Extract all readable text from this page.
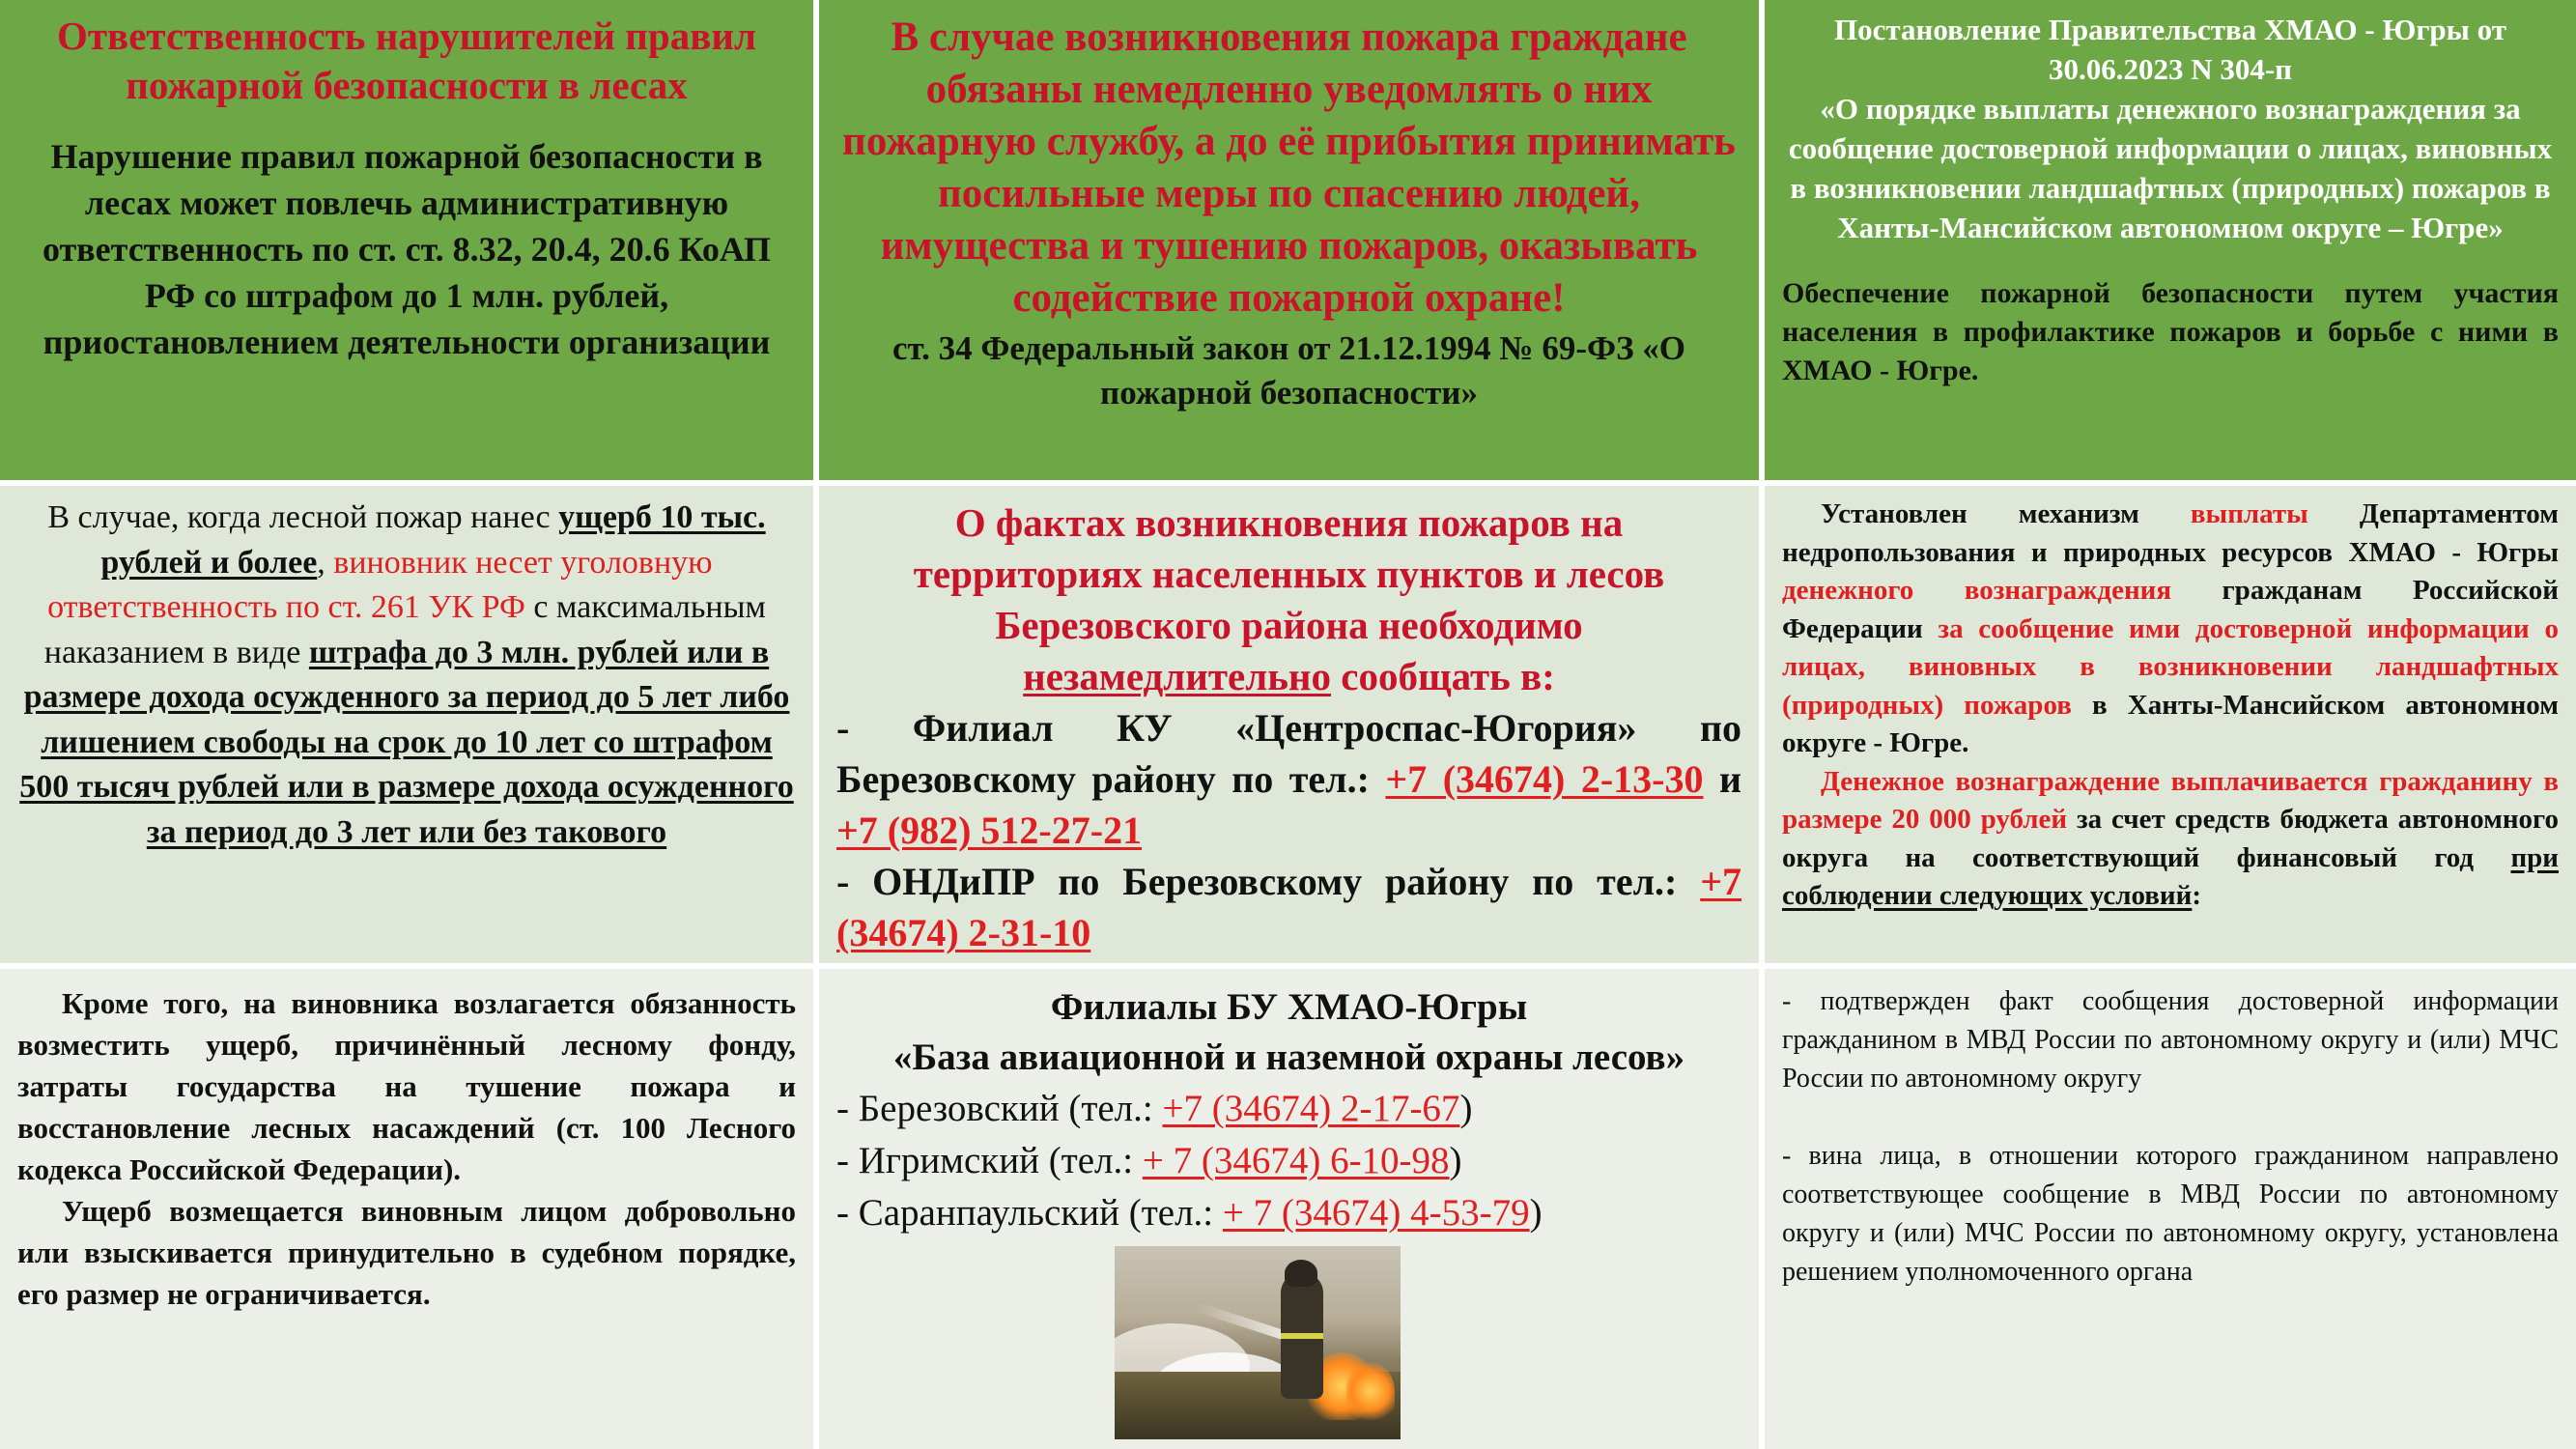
Ответственность нарушителей правил пожарной безопасности в лесах

Нарушение правил пожарной безопасности в лесах может повлечь административную ответственность по ст. ст. 8.32, 20.4, 20.6 КоАП РФ со штрафом до 1 млн. рублей, приостановлением деятельности организации

В случае возникновения пожара граждане обязаны немедленно уведомлять о них пожарную службу, а до её прибытия принимать посильные меры по спасению людей, имущества и тушению пожаров, оказывать содействие пожарной охране!

ст. 34 Федеральный закон от 21.12.1994 № 69-ФЗ «О пожарной безопасности»

Постановление Правительства ХМАО - Югры от 30.06.2023 N 304-п

«О порядке выплаты денежного вознаграждения за сообщение достоверной информации о лицах, виновных в возникновении ландшафтных (природных) пожаров в Ханты-Мансийском автономном округе – Югре»

Обеспечение пожарной безопасности путем участия населения в профилактике пожаров и борьбе с ними в ХМАО - Югре.

В случае, когда лесной пожар нанес ущерб 10 тыс. рублей и более, виновник несет уголовную ответственность по ст. 261 УК РФ с максимальным наказанием в виде штрафа до 3 млн. рублей или в размере дохода осужденного за период до 5 лет либо лишением свободы на срок до 10 лет со штрафом 500 тысяч рублей или в размере дохода осужденного за период до 3 лет или без такового

О фактах возникновения пожаров на территориях населенных пунктов и лесов Березовского района необходимо незамедлительно сообщать в:

- Филиал КУ «Центроспас-Югория» по Березовскому району по тел.: +7 (34674) 2-13-30 и +7 (982) 512-27-21

- ОНДиПР по Березовскому району по тел.: +7 (34674) 2-31-10

Установлен механизм выплаты Департаментом недропользования и природных ресурсов ХМАО - Югры денежного вознаграждения гражданам Российской Федерации за сообщение ими достоверной информации о лицах, виновных в возникновении ландшафтных (природных) пожаров в Ханты-Мансийском автономном округе - Югре.

Денежное вознаграждение выплачивается гражданину в размере 20 000 рублей за счет средств бюджета автономного округа на соответствующий финансовый год при соблюдении следующих условий:

Кроме того, на виновника возлагается обязанность возместить ущерб, причинённый лесному фонду, затраты государства на тушение пожара и восстановление лесных насаждений (ст. 100 Лесного кодекса Российской Федерации).

Ущерб возмещается виновным лицом добровольно или взыскивается принудительно в судебном порядке, его размер не ограничивается.

Филиалы БУ ХМАО-Югры

«База авиационной и наземной охраны лесов»

- Березовский (тел.: +7 (34674) 2-17-67)

- Игримский (тел.: + 7 (34674) 6-10-98)

- Саранпаульский (тел.: + 7 (34674) 4-53-79)

- подтвержден факт сообщения достоверной информации гражданином в МВД России по автономному округу и (или) МЧС России по автономному округу

- вина лица, в отношении которого гражданином направлено соответствующее сообщение в МВД России по автономному округу и (или) МЧС России по автономному округу, установлена решением уполномоченного органа
